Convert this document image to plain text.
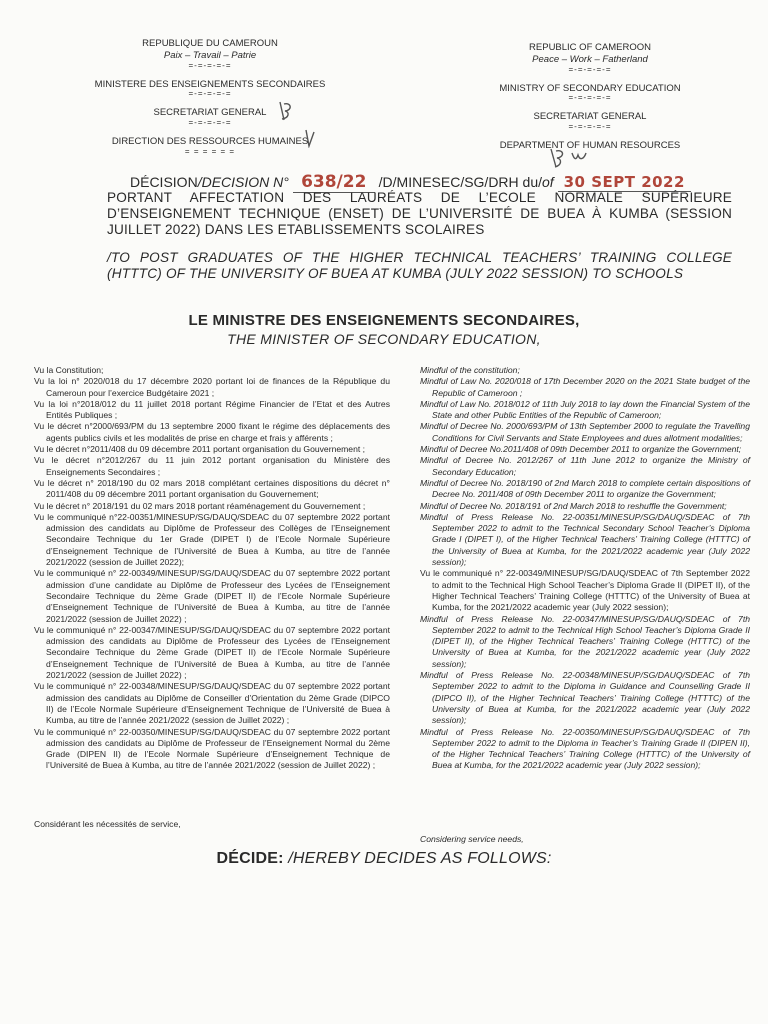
REPUBLIQUE DU CAMEROUN
Paix – Travail – Patrie
=-=-=-=-=
MINISTERE DES ENSEIGNEMENTS SECONDAIRES
=-=-=-=-=
SECRETARIAT GENERAL
=-=-=-=-=
DIRECTION DES RESSOURCES HUMAINES
= = = = = =
REPUBLIC OF CAMEROON
Peace – Work – Fatherland
=-=-=-=-=
MINISTRY OF SECONDARY EDUCATION
=-=-=-=-=
SECRETARIAT GENERAL
=-=-=-=-=
DEPARTMENT OF HUMAN RESOURCES
DÉCISION/DECISION N° 638/22 /D/MINESEC/SG/DRH du/of 30 SEPT 2022
PORTANT AFFECTATION DES LAURÉATS DE L’ECOLE NORMALE SUPÉRIEURE D’ENSEIGNEMENT TECHNIQUE (ENSET) DE L’UNIVERSITÉ DE BUEA À KUMBA (SESSION JUILLET 2022) DANS LES ETABLISSEMENTS SCOLAIRES
/TO POST GRADUATES OF THE HIGHER TECHNICAL TEACHERS’ TRAINING COLLEGE (HTTTC) OF THE UNIVERSITY OF BUEA AT KUMBA (JULY 2022 SESSION) TO SCHOOLS
LE MINISTRE DES ENSEIGNEMENTS SECONDAIRES,
THE MINISTER OF SECONDARY EDUCATION,

Vu la Constitution;

Vu la loi n° 2020/018 du 17 décembre 2020 portant loi de finances de la République du Cameroun pour l’exercice Budgétaire 2021 ;

Vu la loi n°2018/012 du 11 juillet 2018 portant Régime Financier de l’Etat et des Autres Entités Publiques ;

Vu le décret n°2000/693/PM du 13 septembre 2000 fixant le régime des déplacements des agents publics civils et les modalités de prise en charge et frais y afférents ;

Vu le décret n°2011/408 du 09 décembre 2011 portant organisation du Gouvernement ;

Vu le décret n°2012/267 du 11 juin 2012 portant organisation du Ministère des Enseignements Secondaires ;

Vu le décret n° 2018/190 du 02 mars 2018 complétant certaines dispositions du décret n° 2011/408 du 09 décembre 2011 portant organisation du Gouvernement;

Vu le décret n° 2018/191 du 02 mars 2018 portant réaménagement du Gouvernement ;

Vu le communiqué n°22-00351/MINESUP/SG/DAUQ/SDEAC du 07 septembre 2022 portant admission des candidats au Diplôme de Professeur des Collèges de l’Enseignement Secondaire Technique du 1er Grade (DIPET I) de l’Ecole Normale Supérieure d’Enseignement Technique de l’Université de Buea à Kumba, au titre de l’année 2021/2022 (session de Juillet 2022);

Vu le communiqué n° 22-00349/MINESUP/SG/DAUQ/SDEAC du 07 septembre 2022 portant admission d’une candidate au Diplôme de Professeur des Lycées de l’Enseignement Secondaire Technique du 2ème Grade (DIPET II) de l’Ecole Normale Supérieure d’Enseignement Technique de l’Université de Buea à Kumba, au titre de l’année 2021/2022 (session de Juillet 2022) ;

Vu le communiqué n° 22-00347/MINESUP/SG/DAUQ/SDEAC du 07 septembre 2022 portant admission des candidats au Diplôme de Professeur des Lycées de l’Enseignement Secondaire Technique du 2ème Grade (DIPET II) de l’Ecole Normale Supérieure d’Enseignement Technique de l’Université de Buea à Kumba, au titre de l’année 2021/2022 (session de Juillet 2022) ;

Vu le communiqué n° 22-00348/MINESUP/SG/DAUQ/SDEAC du 07 septembre 2022 portant admission des candidats au Diplôme de Conseiller d’Orientation du 2ème Grade (DIPCO II) de l’Ecole Normale Supérieure d’Enseignement Technique de l’Université de Buea à Kumba, au titre de l’année 2021/2022 (session de Juillet 2022) ;

Vu le communiqué n° 22-00350/MINESUP/SG/DAUQ/SDEAC du 07 septembre 2022 portant admission des candidats au Diplôme de Professeur de l’Enseignement Normal du 2ème Grade (DIPEN II) de l’Ecole Normale Supérieure d’Enseignement Technique de l’Université de Buea à Kumba, au titre de l’année 2021/2022 (session de Juillet 2022) ;

Considérant les nécessités de service,

Mindful of the constitution;

Mindful of Law No. 2020/018 of 17th December 2020 on the 2021 State budget of the Republic of Cameroon ;

Mindful of Law No. 2018/012 of 11th July 2018 to lay down the Financial System of the State and other Public Entities of the Republic of Cameroon;

Mindful of Decree No. 2000/693/PM of 13th September 2000 to regulate the Travelling Conditions for Civil Servants and State Employees and dues allotment modalities;

Mindful of Decree No.2011/408 of 09th December 2011 to organize the Government;

Mindful of Decree No. 2012/267 of 11th June 2012 to organize the Ministry of Secondary Education;

Mindful of Decree No. 2018/190 of 2nd March 2018 to complete certain dispositions of Decree No. 2011/408 of 09th December 2011 to organize the Government;

Mindful of Decree No. 2018/191 of 2nd March 2018 to reshuffle the Government;

Mindful of Press Release No. 22-00351/MINESUP/SG/DAUQ/SDEAC of 7th September 2022 to admit to the Technical Secondary School Teacher’s Diploma Grade I (DIPET I), of the Higher Technical Teachers’ Training College (HTTTC) of the University of Buea at Kumba, for the 2021/2022 academic year (July 2022 session);

Vu le communiqué n° 22-00349/MINESUP/SG/DAUQ/SDEAC of 7th September 2022 to admit to the Technical High School Teacher’s Diploma Grade II (DIPET II), of the Higher Technical Teachers’ Training College (HTTTC) of the University of Buea at Kumba, for the 2021/2022 academic year (July 2022 session);

Mindful of Press Release No. 22-00347/MINESUP/SG/DAUQ/SDEAC of 7th September 2022 to admit to the Technical High School Teacher’s Diploma Grade II (DIPET II), of the Higher Technical Teachers’ Training College (HTTTC) of the University of Buea at Kumba, for the 2021/2022 academic year (July 2022 session);

Mindful of Press Release No. 22-00348/MINESUP/SG/DAUQ/SDEAC of 7th September 2022 to admit to the Diploma in Guidance and Counselling Grade II (DIPCO II), of the Higher Technical Teachers’ Training College (HTTTC) of the University of Buea at Kumba, for the 2021/2022 academic year (July 2022 session);

Mindful of Press Release No. 22-00350/MINESUP/SG/DAUQ/SDEAC of 7th September 2022 to admit to the Diploma in Teacher’s Training Grade II (DIPEN II), of the Higher Technical Teachers’ Training College (HTTTC) of the University of Buea at Kumba, for the 2021/2022 academic year (July 2022 session);

Considering service needs,
DÉCIDE: /HEREBY DECIDES AS FOLLOWS:
